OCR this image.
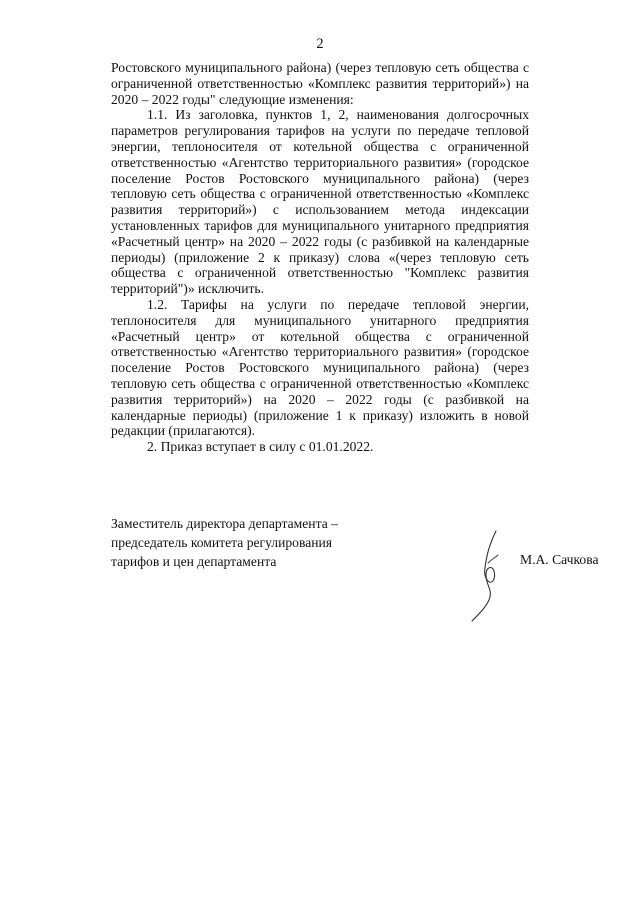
2

Ростовского муниципального района) (через тепловую сеть общества с ограниченной ответственностью «Комплекс развития территорий») на 2020 – 2022 годы" следующие изменения:

1.1. Из заголовка, пунктов 1, 2, наименования долгосрочных параметров регулирования тарифов на услуги по передаче тепловой энергии, теплоносителя от котельной общества с ограниченной ответственностью «Агентство территориального развития» (городское поселение Ростов Ростовского муниципального района) (через тепловую сеть общества с ограниченной ответственностью «Комплекс развития территорий») с использованием метода индексации установленных тарифов для муниципального унитарного предприятия «Расчетный центр» на 2020 – 2022 годы (с разбивкой на календарные периоды) (приложение 2 к приказу) слова «(через тепловую сеть общества с ограниченной ответственностью "Комплекс развития территорий")» исключить.

1.2. Тарифы на услуги по передаче тепловой энергии, теплоносителя для муниципального унитарного предприятия «Расчетный центр» от котельной общества с ограниченной ответственностью «Агентство территориального развития» (городское поселение Ростов Ростовского муниципального района) (через тепловую сеть общества с ограниченной ответственностью «Комплекс развития территорий») на 2020 – 2022 годы (с разбивкой на календарные периоды) (приложение 1 к приказу) изложить в новой редакции (прилагаются).

2. Приказ вступает в силу с 01.01.2022.

Заместитель директора департамента –
председатель комитета регулирования
тарифов и цен департамента	М.А. Сачкова
